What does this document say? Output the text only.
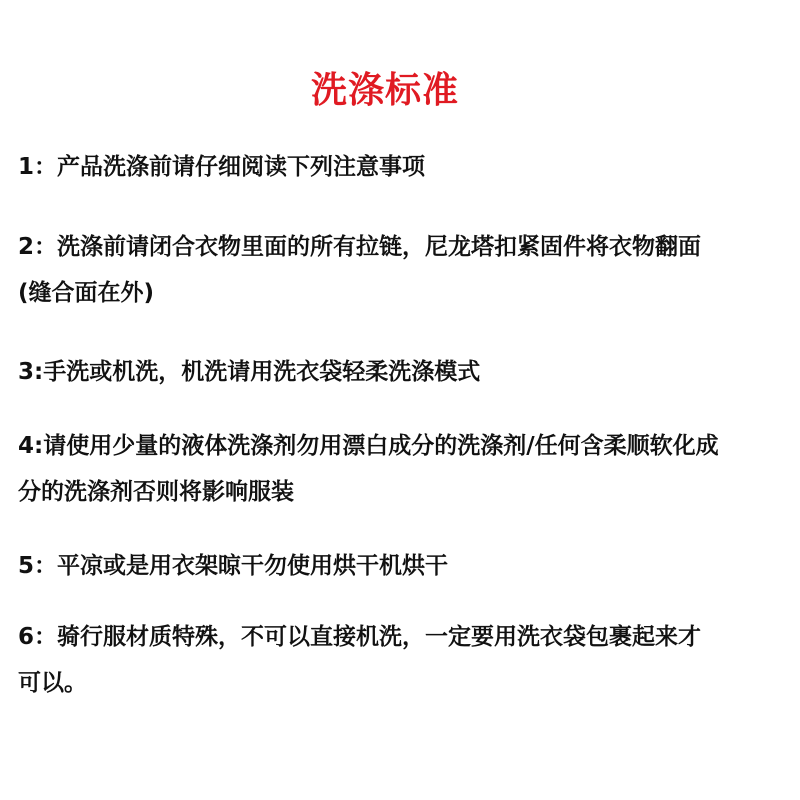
洗涤标准
1：产品洗涤前请仔细阅读下列注意事项
2：洗涤前请闭合衣物里面的所有拉链，尼龙塔扣紧固件将衣物翻面
(缝合面在外)
3:手洗或机洗，机洗请用洗衣袋轻柔洗涤模式
4:请使用少量的液体洗涤剂勿用漂白成分的洗涤剂/任何含柔顺软化成
分的洗涤剂否则将影响服装
5：平凉或是用衣架晾干勿使用烘干机烘干
6：骑行服材质特殊，不可以直接机洗，一定要用洗衣袋包裹起来才
可以。
